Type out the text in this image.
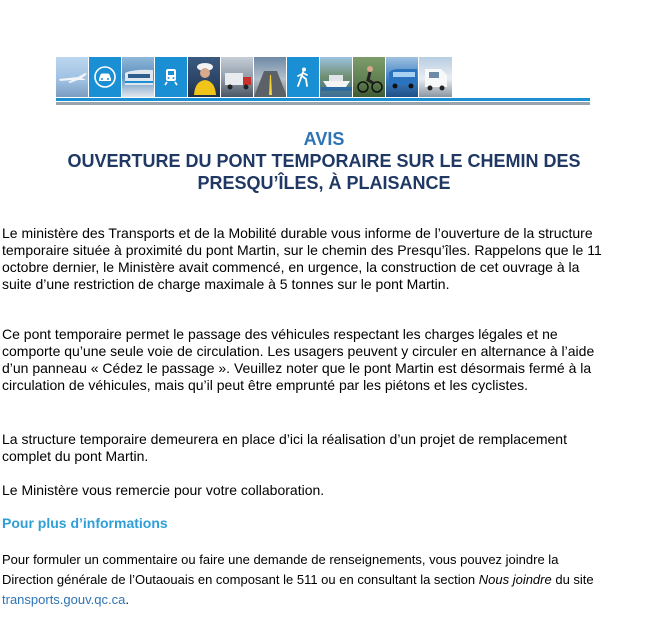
AVIS
OUVERTURE DU PONT TEMPORAIRE SUR LE CHEMIN DES
PRESQU’ÎLES, À PLAISANCE

Le ministère des Transports et de la Mobilité durable vous informe de l’ouverture de la structure temporaire située à proximité du pont Martin, sur le chemin des Presqu’îles. Rappelons que le 11 octobre dernier, le Ministère avait commencé, en urgence, la construction de cet ouvrage à la suite d’une restriction de charge maximale à 5 tonnes sur le pont Martin.

Ce pont temporaire permet le passage des véhicules respectant les charges légales et ne comporte qu’une seule voie de circulation. Les usagers peuvent y circuler en alternance à l’aide d’un panneau « Cédez le passage ». Veuillez noter que le pont Martin est désormais fermé à la circulation de véhicules, mais qu’il peut être emprunté par les piétons et les cyclistes.

La structure temporaire demeurera en place d’ici la réalisation d’un projet de remplacement complet du pont Martin.

Le Ministère vous remercie pour votre collaboration.

Pour plus d’informations

Pour formuler un commentaire ou faire une demande de renseignements, vous pouvez joindre la Direction générale de l’Outaouais en composant le 511 ou en consultant la section Nous joindre du site transports.gouv.qc.ca.
